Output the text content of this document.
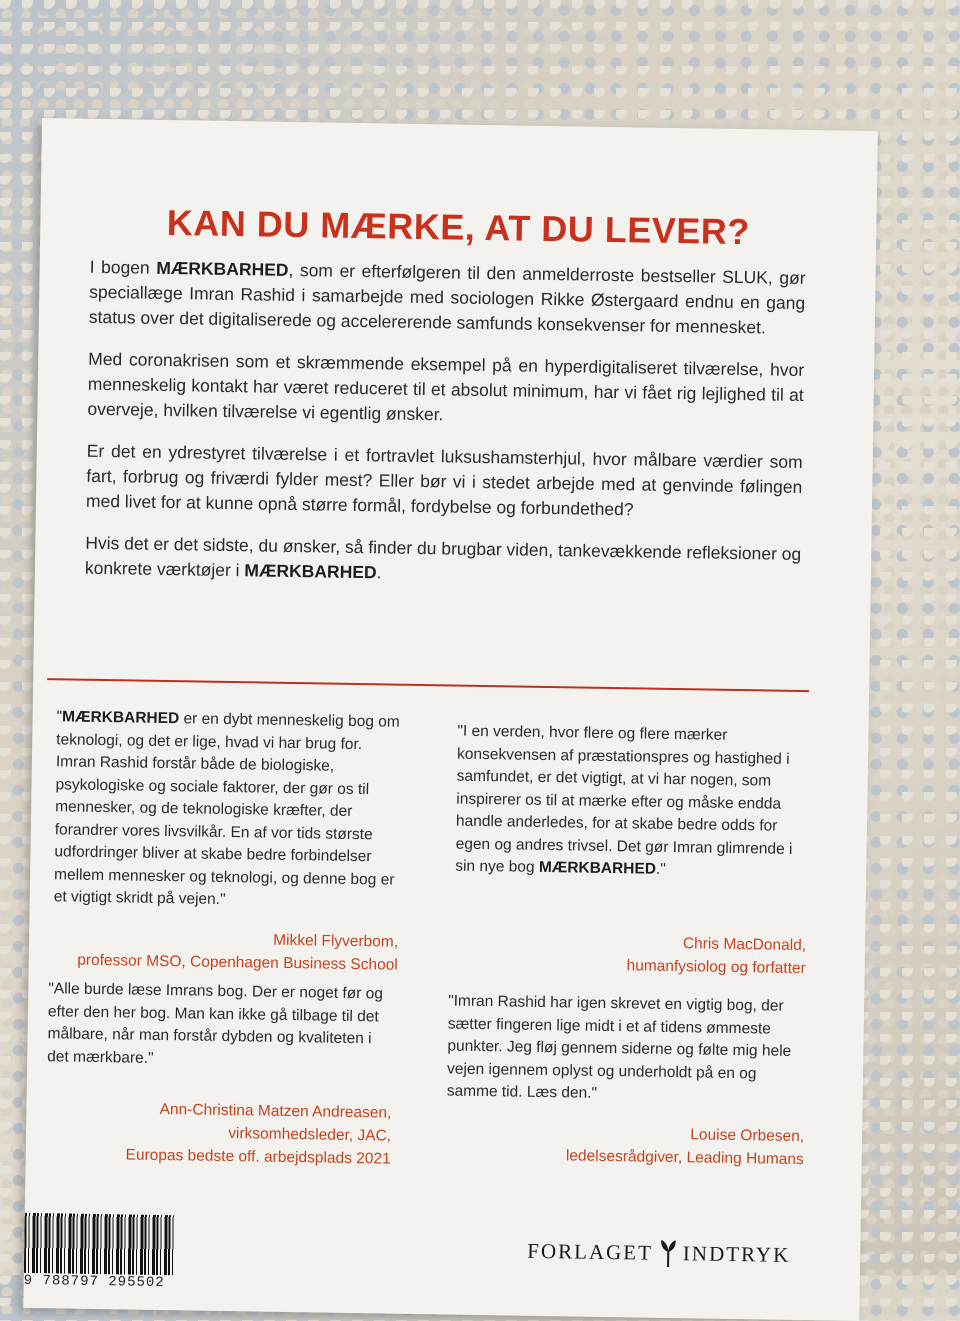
KAN DU MÆRKE, AT DU LEVER?

I bogen MÆRKBARHED, som er efterfølgeren til den anmelderroste bestseller SLUK, gør speciallæge Imran Rashid i samarbejde med sociologen Rikke Østergaard endnu en gang status over det digitaliserede og accelererende samfunds konsekvenser for mennesket.

Med coronakrisen som et skræmmende eksempel på en hyperdigitaliseret tilværelse, hvor menneskelig kontakt har været reduceret til et absolut minimum, har vi fået rig lejlighed til at overveje, hvilken tilværelse vi egentlig ønsker.

Er det en ydrestyret tilværelse i et fortravlet luksushamsterhjul, hvor målbare værdier som fart, forbrug og friværdi fylder mest? Eller bør vi i stedet arbejde med at genvinde følingen med livet for at kunne opnå større formål, fordybelse og forbundethed?

Hvis det er det sidste, du ønsker, så finder du brugbar viden, tankevækkende refleksioner og konkrete værktøjer i MÆRKBARHED.

"MÆRKBARHED er en dybt menneskelig bog om teknologi, og det er lige, hvad vi har brug for. Imran Rashid forstår både de biologiske, psykologiske og sociale faktorer, der gør os til mennesker, og de teknologiske kræfter, der forandrer vores livsvilkår. En af vor tids største udfordringer bliver at skabe bedre forbindelser mellem mennesker og teknologi, og denne bog er et vigtigt skridt på vejen."

Mikkel Flyverbom,
professor MSO, Copenhagen Business School

"I en verden, hvor flere og flere mærker konsekvensen af præstationspres og hastighed i samfundet, er det vigtigt, at vi har nogen, som inspirerer os til at mærke efter og måske endda handle anderledes, for at skabe bedre odds for egen og andres trivsel. Det gør Imran glimrende i sin nye bog MÆRKBARHED."

Chris MacDonald,
humanfysiolog og forfatter

"Alle burde læse Imrans bog. Der er noget før og efter den her bog. Man kan ikke gå tilbage til det målbare, når man forstår dybden og kvaliteten i det mærkbare."

Ann-Christina Matzen Andreasen,
virksomhedsleder, JAC,
Europas bedste off. arbejdsplads 2021

"Imran Rashid har igen skrevet en vigtig bog, der sætter fingeren lige midt i et af tidens ømmeste punkter. Jeg fløj gennem siderne og følte mig hele vejen igennem oplyst og underholdt på en og samme tid. Læs den."

Louise Orbesen,
ledelsesrådgiver, Leading Humans
9 788797 295502
FORLAGET INDTRYK
